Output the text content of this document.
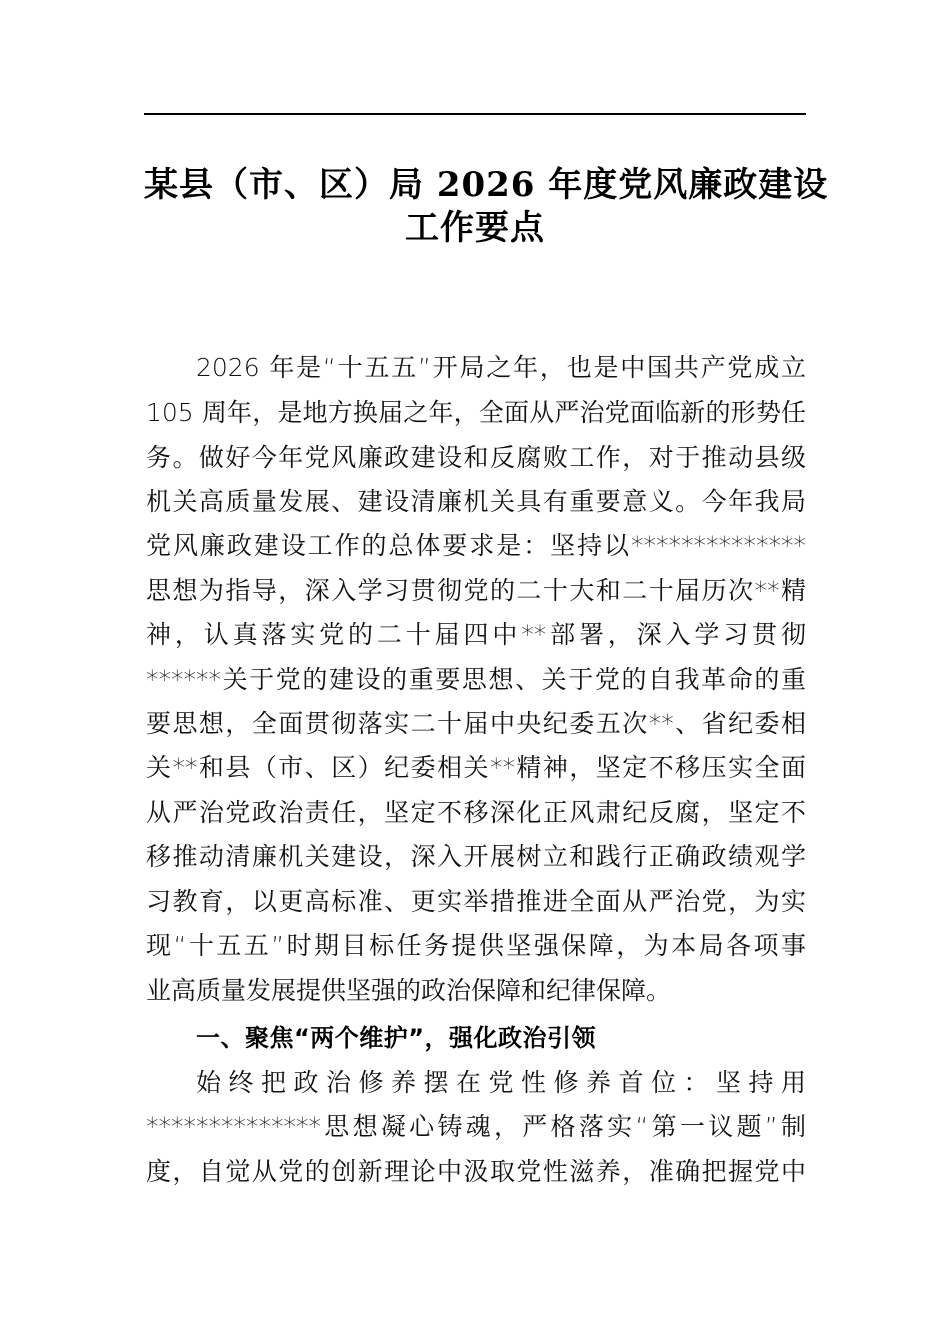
某县（市、区）局 2026 年度党风廉政建设
工作要点
2026 年是“十五五”开局之年，也是中国共产党成立
105 周年，是地方换届之年，全面从严治党面临新的形势任
务。做好今年党风廉政建设和反腐败工作，对于推动县级
机关高质量发展、建设清廉机关具有重要意义。今年我局
党风廉政建设工作的总体要求是：坚持以**************
思想为指导，深入学习贯彻党的二十大和二十届历次**精
神，认真落实党的二十届四中**部署，深入学习贯彻
******关于党的建设的重要思想、关于党的自我革命的重
要思想，全面贯彻落实二十届中央纪委五次**、省纪委相
关**和县（市、区）纪委相关**精神，坚定不移压实全面
从严治党政治责任，坚定不移深化正风肃纪反腐，坚定不
移推动清廉机关建设，深入开展树立和践行正确政绩观学
习教育，以更高标准、更实举措推进全面从严治党，为实
现“十五五”时期目标任务提供坚强保障，为本局各项事
业高质量发展提供坚强的政治保障和纪律保障。
一、聚焦“两个维护”，强化政治引领
始终把政治修养摆在党性修养首位：坚持用
**************思想凝心铸魂，严格落实“第一议题”制
度，自觉从党的创新理论中汲取党性滋养，准确把握党中
